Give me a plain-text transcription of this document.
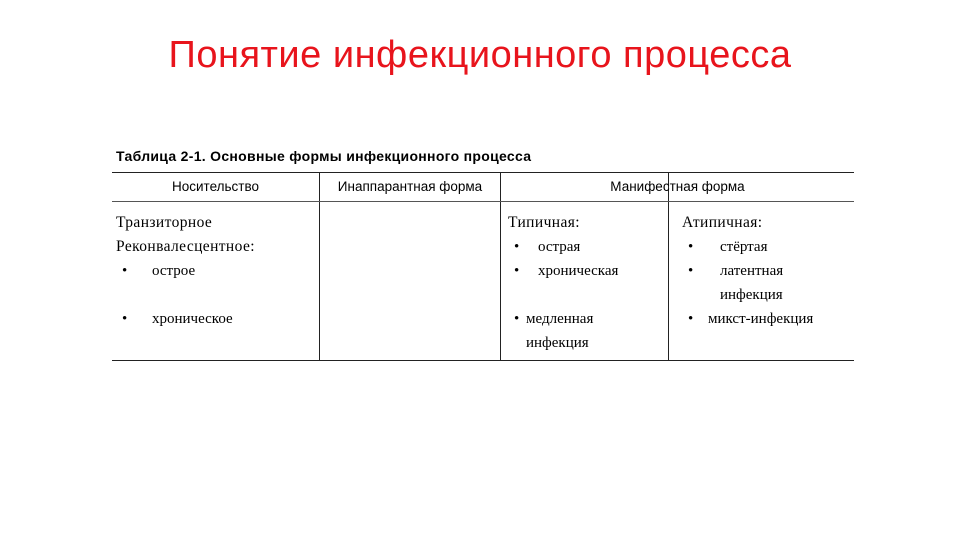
Понятие инфекционного процесса
Таблица 2-1. Основные формы инфекционного процесса
Носительство	Инаппарантная форма	Манифестная форма
Транзиторное
Реконвалесцентное:
• острое
• хроническое
Типичная:
• острая
• хроническая
• медленная
инфекция
Атипичная:
• стёртая
• латентная
инфекция
• микст-инфекция
